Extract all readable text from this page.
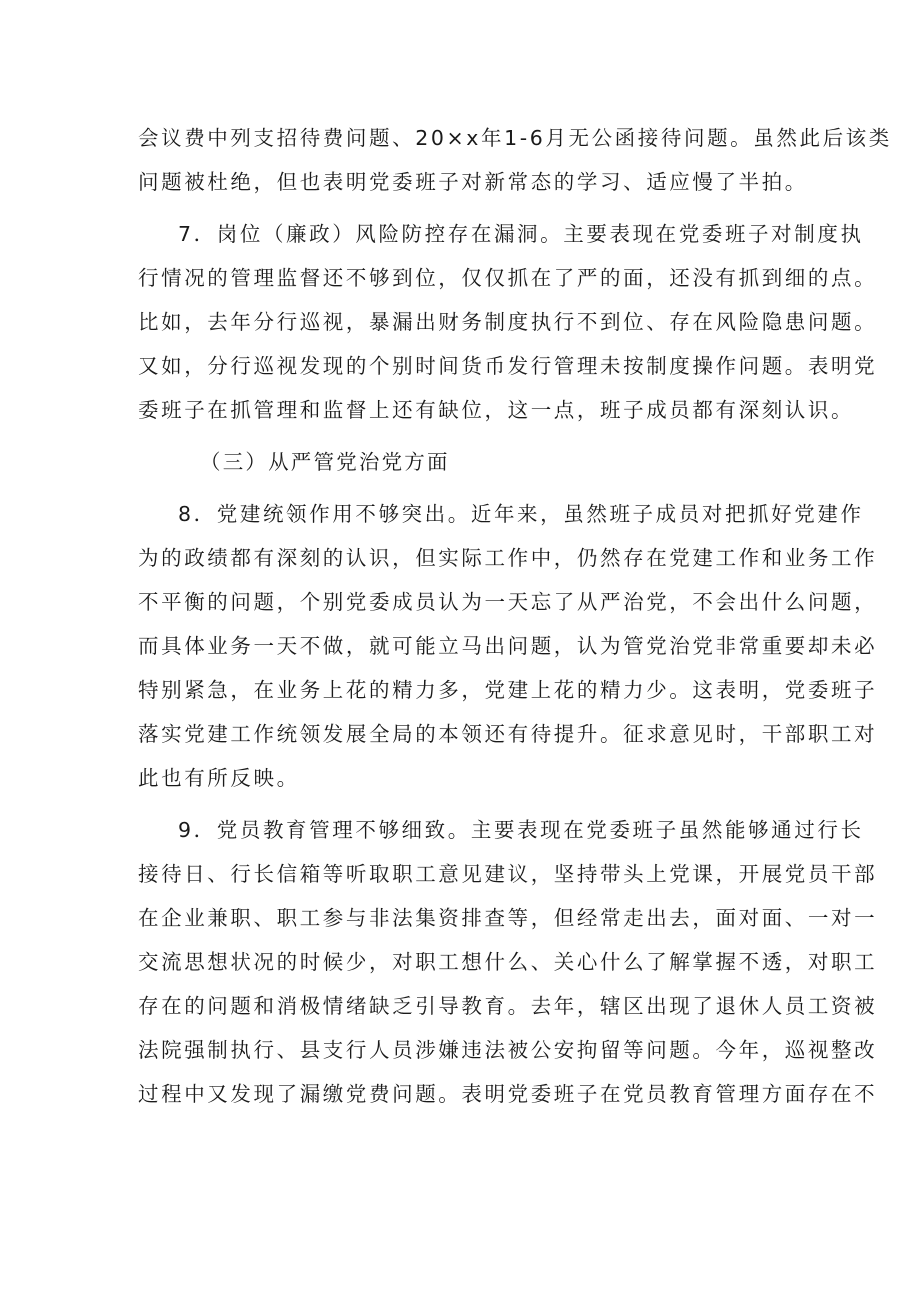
会议费中列支招待费问题、20×x年1-6月无公函接待问题。虽然此后该类
问题被杜绝，但也表明党委班子对新常态的学习、适应慢了半拍。
7．岗位（廉政）风险防控存在漏洞。主要表现在党委班子对制度执
行情况的管理监督还不够到位，仅仅抓在了严的面，还没有抓到细的点。
比如，去年分行巡视，暴漏出财务制度执行不到位、存在风险隐患问题。
又如，分行巡视发现的个别时间货币发行管理未按制度操作问题。表明党
委班子在抓管理和监督上还有缺位，这一点，班子成员都有深刻认识。
（三）从严管党治党方面
8．党建统领作用不够突出。近年来，虽然班子成员对把抓好党建作
为的政绩都有深刻的认识，但实际工作中，仍然存在党建工作和业务工作
不平衡的问题，个别党委成员认为一天忘了从严治党，不会出什么问题，
而具体业务一天不做，就可能立马出问题，认为管党治党非常重要却未必
特别紧急，在业务上花的精力多，党建上花的精力少。这表明，党委班子
落实党建工作统领发展全局的本领还有待提升。征求意见时，干部职工对
此也有所反映。
9．党员教育管理不够细致。主要表现在党委班子虽然能够通过行长
接待日、行长信箱等听取职工意见建议，坚持带头上党课，开展党员干部
在企业兼职、职工参与非法集资排查等，但经常走出去，面对面、一对一
交流思想状况的时候少，对职工想什么、关心什么了解掌握不透，对职工
存在的问题和消极情绪缺乏引导教育。去年，辖区出现了退休人员工资被
法院强制执行、县支行人员涉嫌违法被公安拘留等问题。今年，巡视整改
过程中又发现了漏缴党费问题。表明党委班子在党员教育管理方面存在不
